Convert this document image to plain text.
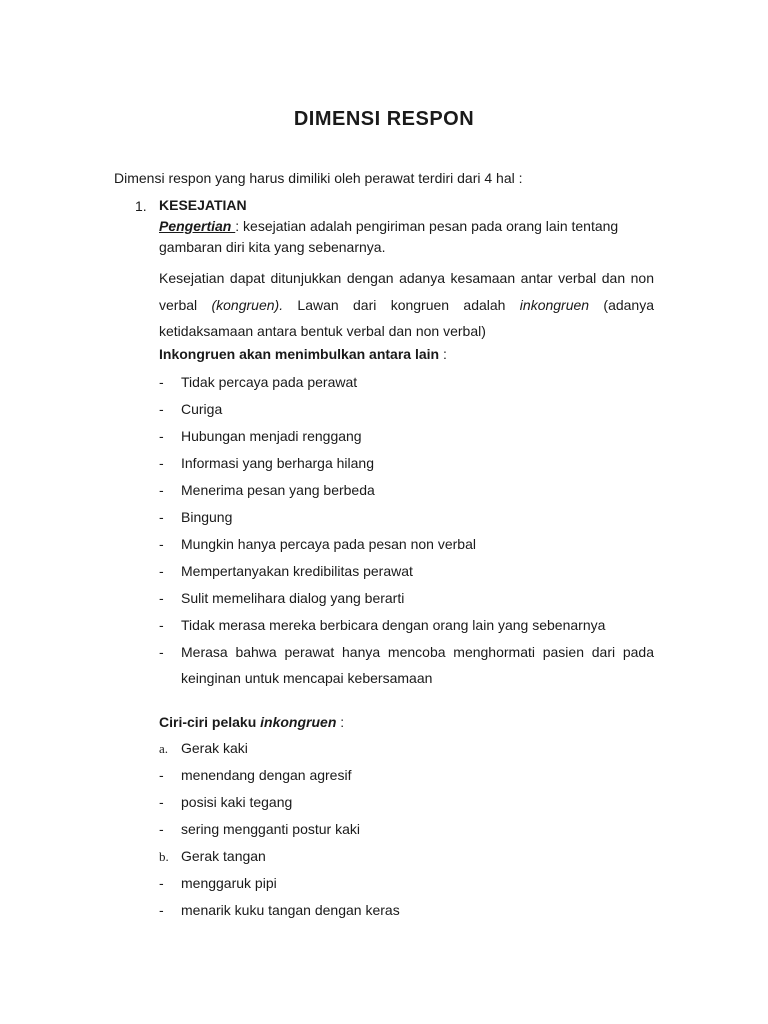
DIMENSI RESPON
Dimensi respon yang harus dimiliki oleh perawat terdiri dari 4 hal :
1. KESEJATIAN
Pengertian : kesejatian adalah pengiriman pesan pada orang lain tentang gambaran diri kita yang sebenarnya.
Kesejatian dapat ditunjukkan dengan adanya kesamaan antar verbal dan non verbal (kongruen). Lawan dari kongruen adalah inkongruen (adanya ketidaksamaan antara bentuk verbal dan non verbal)
Inkongruen akan menimbulkan antara lain :
- Tidak percaya pada perawat
- Curiga
- Hubungan menjadi renggang
- Informasi yang berharga hilang
- Menerima pesan yang berbeda
- Bingung
- Mungkin hanya percaya pada pesan non verbal
- Mempertanyakan kredibilitas perawat
- Sulit memelihara dialog yang berarti
- Tidak merasa mereka berbicara dengan orang lain yang sebenarnya
- Merasa bahwa perawat hanya mencoba menghormati pasien dari pada keinginan untuk mencapai kebersamaan
Ciri-ciri pelaku inkongruen :
a. Gerak kaki
- menendang dengan agresif
- posisi kaki tegang
- sering mengganti postur kaki
b. Gerak tangan
- menggaruk pipi
- menarik kuku tangan dengan keras
